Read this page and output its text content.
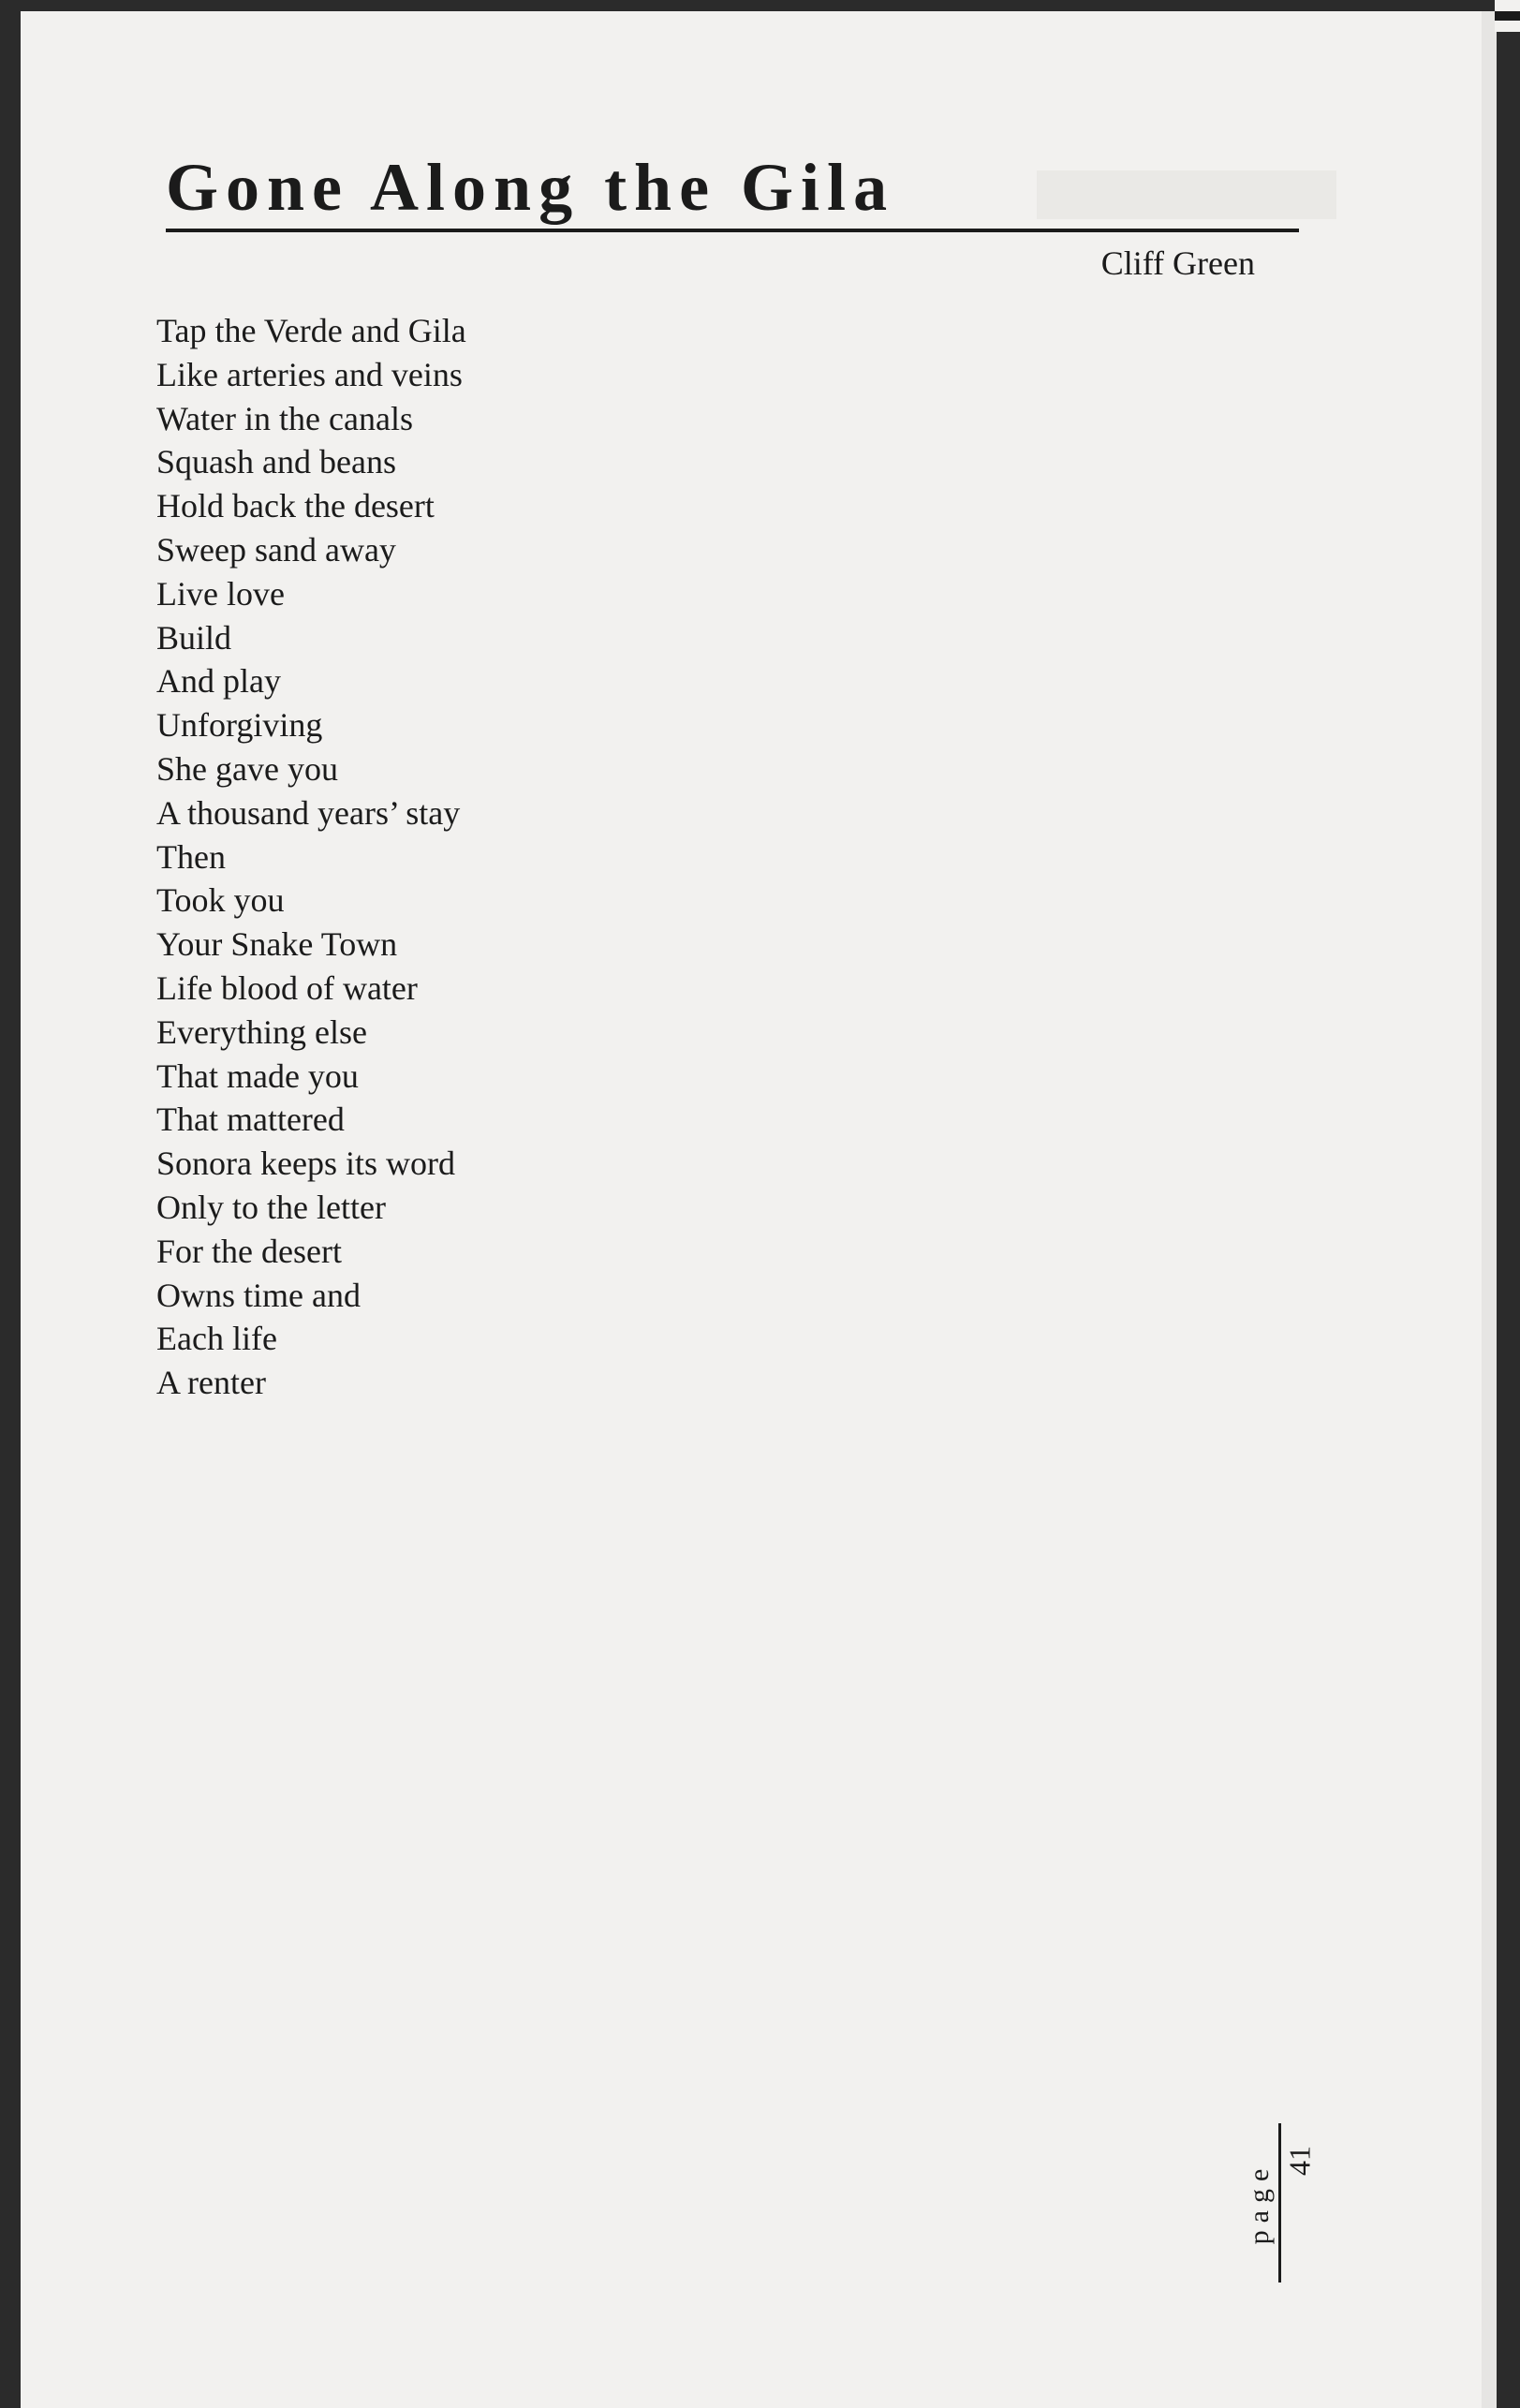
Gone Along the Gila
Cliff Green
Tap the Verde and Gila
Like arteries and veins
Water in the canals
Squash and beans
Hold back the desert
Sweep sand away
Live love
Build
And play
Unforgiving
She gave you
A thousand years’ stay
Then
Took you
Your Snake Town
Life blood of water
Everything else
That made you
That mattered
Sonora keeps its word
Only to the letter
For the desert
Owns time and
Each life
A renter
page
41
